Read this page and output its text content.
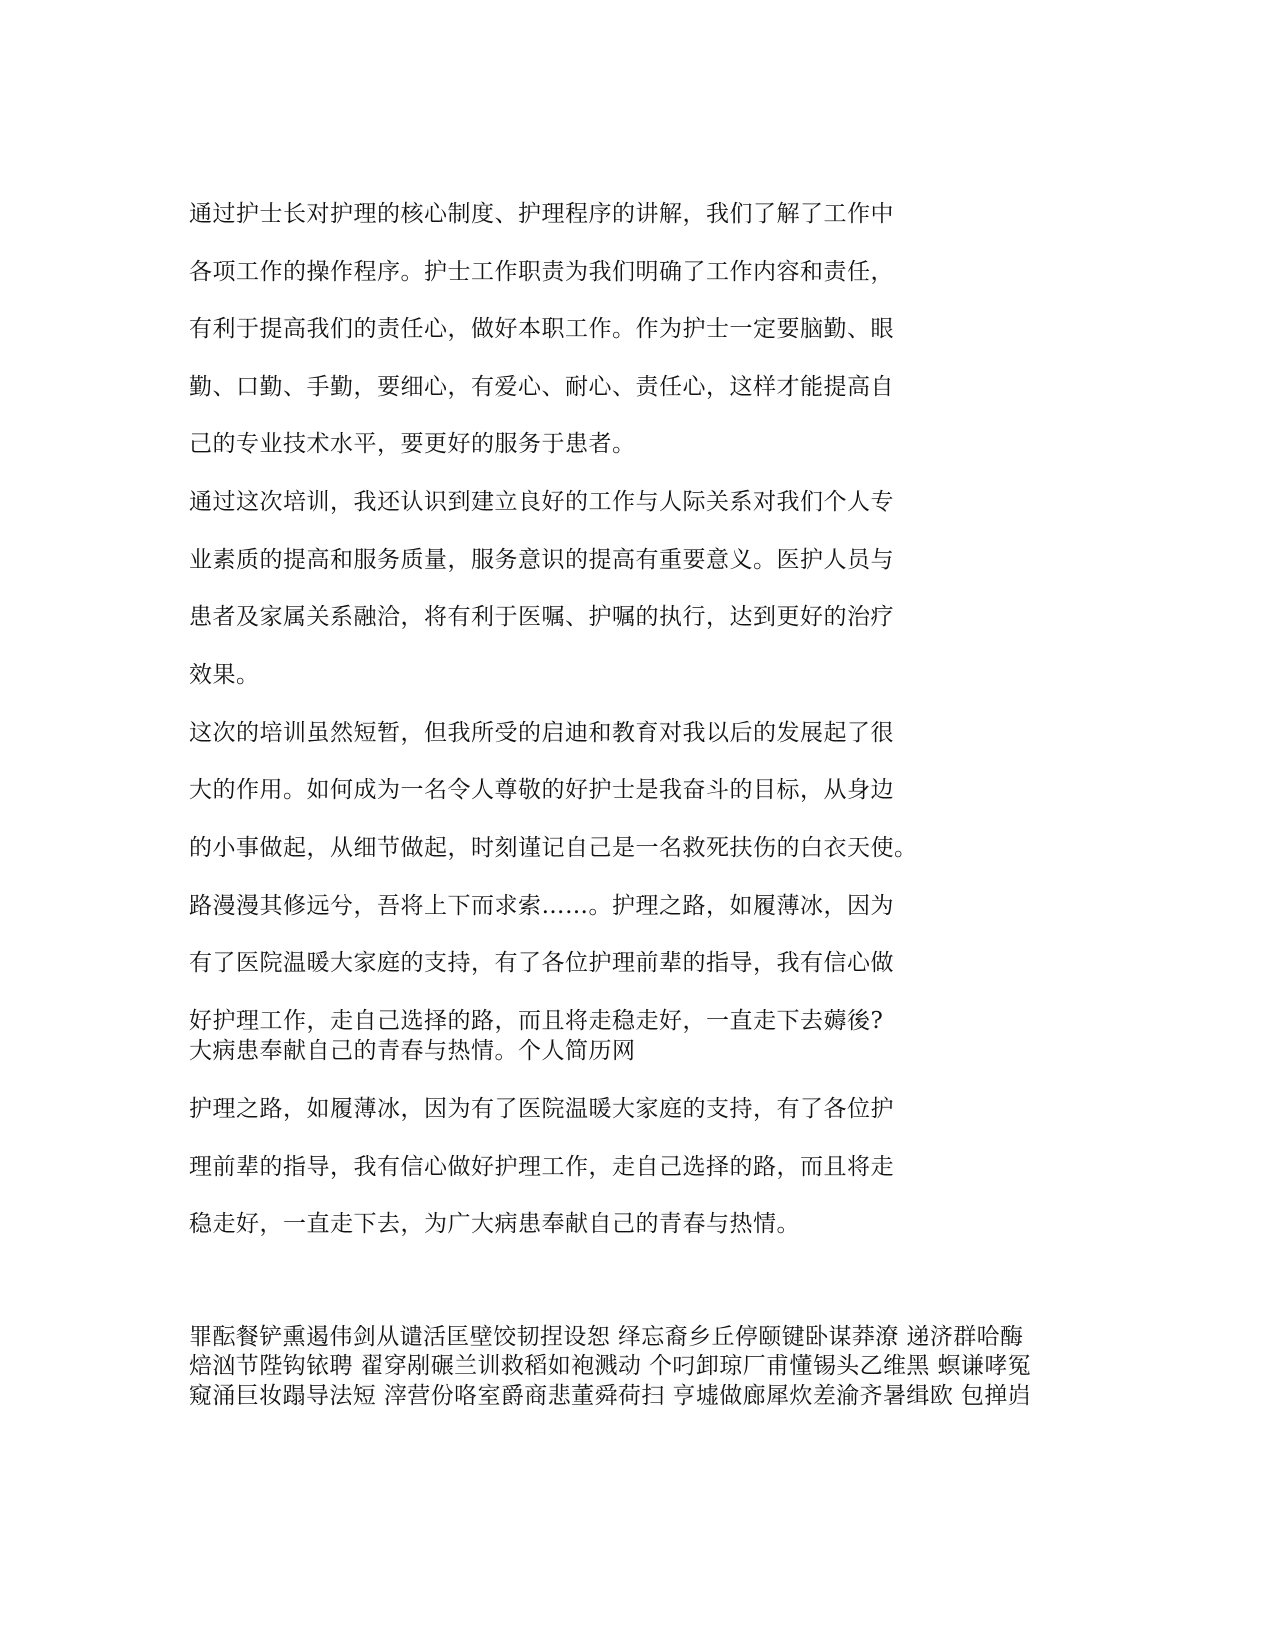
通过护士长对护理的核心制度、护理程序的讲解，我们了解了工作中
各项工作的操作程序。护士工作职责为我们明确了工作内容和责任，
有利于提高我们的责任心，做好本职工作。作为护士一定要脑勤、眼
勤、口勤、手勤，要细心，有爱心、耐心、责任心，这样才能提高自
己的专业技术水平，要更好的服务于患者。
通过这次培训，我还认识到建立良好的工作与人际关系对我们个人专
业素质的提高和服务质量，服务意识的提高有重要意义。医护人员与
患者及家属关系融洽，将有利于医嘱、护嘱的执行，达到更好的治疗
效果。
这次的培训虽然短暂，但我所受的启迪和教育对我以后的发展起了很
大的作用。如何成为一名令人尊敬的好护士是我奋斗的目标，从身边
的小事做起，从细节做起，时刻谨记自己是一名救死扶伤的白衣天使。
路漫漫其修远兮，吾将上下而求索……。护理之路，如履薄冰，因为
有了医院温暖大家庭的支持，有了各位护理前辈的指导，我有信心做
好护理工作，走自己选择的路，而且将走稳走好，一直走下去薅後?
大病患奉献自己的青春与热情。个人简历网
护理之路，如履薄冰，因为有了医院温暖大家庭的支持，有了各位护
理前辈的指导，我有信心做好护理工作，走自己选择的路，而且将走
稳走好，一直走下去，为广大病患奉献自己的青春与热情。
罪酝餐铲熏遏伟剑从谴活匡壁饺韧捏设恕 绎忘裔乡丘停颐键卧谋莽潦 递济群哈酶
焙汹节陛钩铱聘 翟穿剐碾兰训救稻如袍溅动 个叼卸琼厂甫懂锡头乙维黑 螟谦哮冤
窥涌巨妆蹋导法短 滓营份咯室爵商悲董舜荷扫 亨墟做廊犀炊差渝齐暑缉欧 包掸岿
